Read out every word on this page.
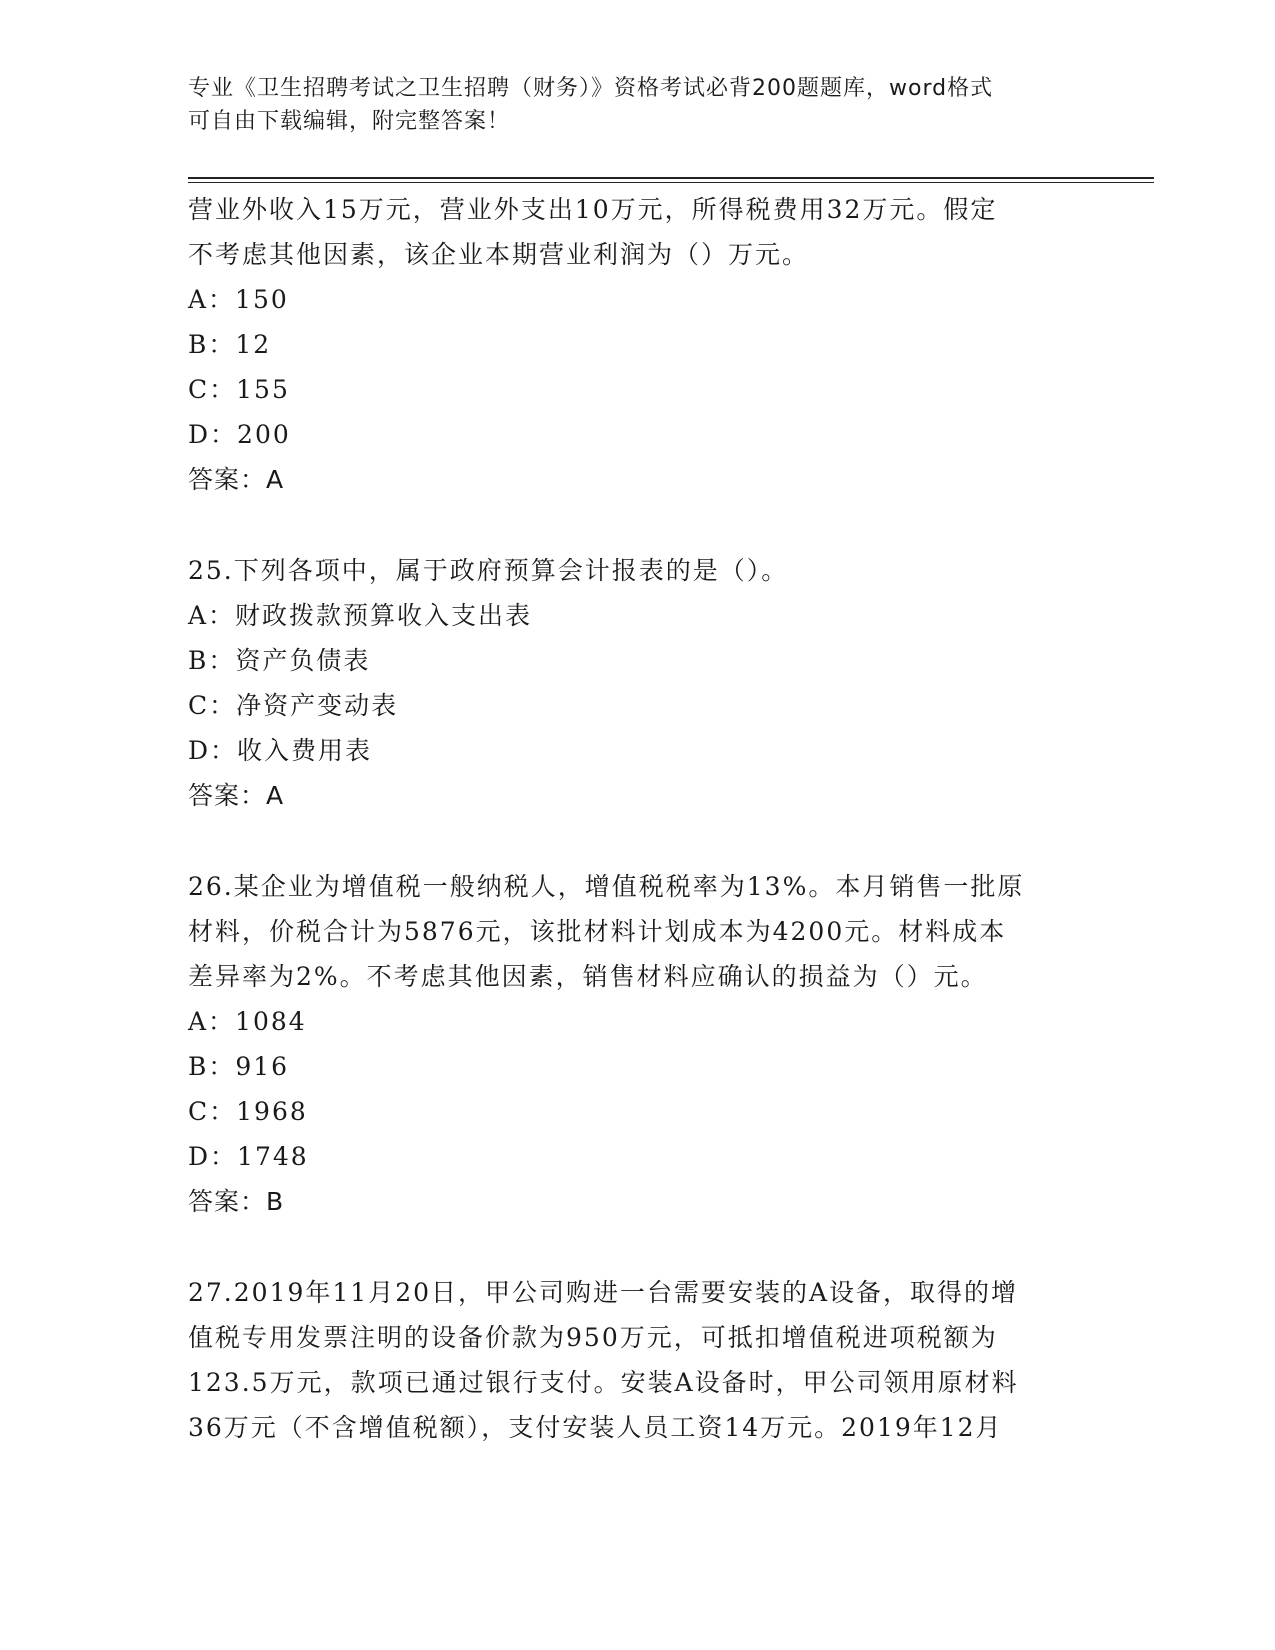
专业《卫生招聘考试之卫生招聘（财务）》资格考试必背200题题库，word格式
可自由下载编辑，附完整答案！
营业外收入15万元，营业外支出10万元，所得税费用32万元。假定
不考虑其他因素，该企业本期营业利润为（）万元。
A：150
B：12
C：155
D：200
答案：A
25.下列各项中，属于政府预算会计报表的是（）。
A：财政拨款预算收入支出表
B：资产负债表
C：净资产变动表
D：收入费用表
答案：A
26.某企业为增值税一般纳税人，增值税税率为13%。本月销售一批原
材料，价税合计为5876元，该批材料计划成本为4200元。材料成本
差异率为2%。不考虑其他因素，销售材料应确认的损益为（）元。
A：1084
B：916
C：1968
D：1748
答案：B
27.2019年11月20日，甲公司购进一台需要安装的A设备，取得的增
值税专用发票注明的设备价款为950万元，可抵扣增值税进项税额为
123.5万元，款项已通过银行支付。安装A设备时，甲公司领用原材料
36万元（不含增值税额），支付安装人员工资14万元。2019年12月
